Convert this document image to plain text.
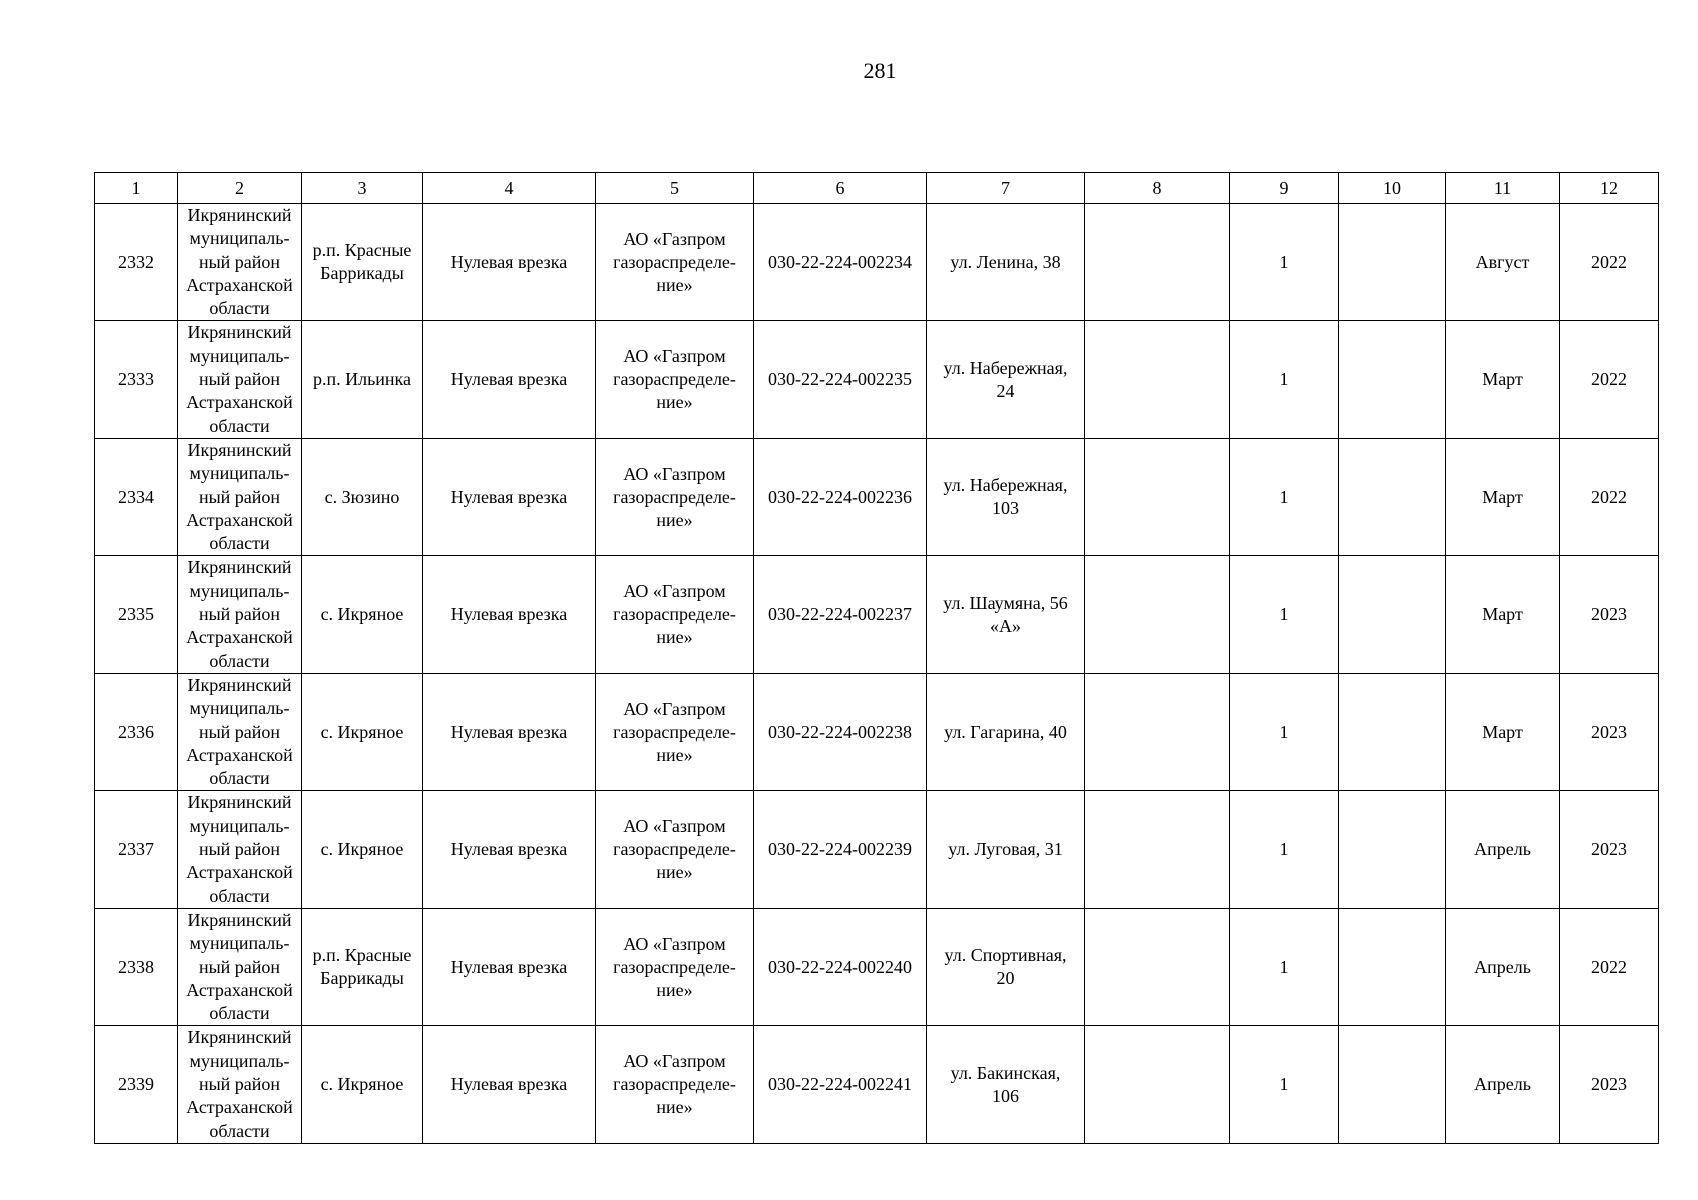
281
1	2	3	4	5	6	7	8	9	10	11	12
2332	Икрянинский
муниципаль-
ный район
Астраханской
области	р.п. Красные
Баррикады	Нулевая врезка	АО «Газпром
газораспределе-
ние»	030-22-224-002234	ул. Ленина, 38		1		Август	2022
2333	Икрянинский
муниципаль-
ный район
Астраханской
области	р.п. Ильинка	Нулевая врезка	АО «Газпром
газораспределе-
ние»	030-22-224-002235	ул. Набережная,
24		1		Март	2022
2334	Икрянинский
муниципаль-
ный район
Астраханской
области	с. Зюзино	Нулевая врезка	АО «Газпром
газораспределе-
ние»	030-22-224-002236	ул. Набережная,
103		1		Март	2022
2335	Икрянинский
муниципаль-
ный район
Астраханской
области	с. Икряное	Нулевая врезка	АО «Газпром
газораспределе-
ние»	030-22-224-002237	ул. Шаумяна, 56
«А»		1		Март	2023
2336	Икрянинский
муниципаль-
ный район
Астраханской
области	с. Икряное	Нулевая врезка	АО «Газпром
газораспределе-
ние»	030-22-224-002238	ул. Гагарина, 40		1		Март	2023
2337	Икрянинский
муниципаль-
ный район
Астраханской
области	с. Икряное	Нулевая врезка	АО «Газпром
газораспределе-
ние»	030-22-224-002239	ул. Луговая, 31		1		Апрель	2023
2338	Икрянинский
муниципаль-
ный район
Астраханской
области	р.п. Красные
Баррикады	Нулевая врезка	АО «Газпром
газораспределе-
ние»	030-22-224-002240	ул. Спортивная,
20		1		Апрель	2022
2339	Икрянинский
муниципаль-
ный район
Астраханской
области	с. Икряное	Нулевая врезка	АО «Газпром
газораспределе-
ние»	030-22-224-002241	ул. Бакинская,
106		1		Апрель	2023
